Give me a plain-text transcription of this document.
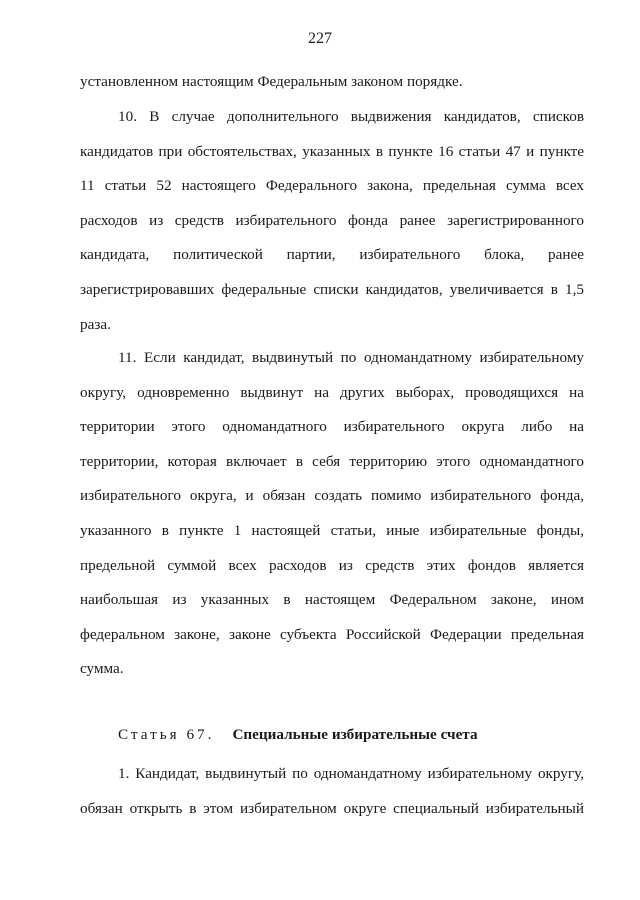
227
установленном настоящим Федеральным законом порядке.
10. В случае дополнительного выдвижения кандидатов, списков
кандидатов при обстоятельствах, указанных в пункте 16 статьи 47 и пункте
11 статьи 52 настоящего Федерального закона, предельная сумма всех
расходов из средств избирательного фонда ранее зарегистрированного
кандидата, политической партии, избирательного блока, ранее
зарегистрировавших федеральные списки кандидатов, увеличивается в 1,5
раза.
11. Если кандидат, выдвинутый по одномандатному избирательному
округу, одновременно выдвинут на других выборах, проводящихся на
территории этого одномандатного избирательного округа либо на
территории, которая включает в себя территорию этого одномандатного
избирательного округа, и обязан создать помимо избирательного фонда,
указанного в пункте 1 настоящей статьи, иные избирательные фонды,
предельной суммой всех расходов из средств этих фондов является
наибольшая из указанных в настоящем Федеральном законе, ином
федеральном законе, законе субъекта Российской Федерации предельная
сумма.
Статья 67. Специальные избирательные счета
1. Кандидат, выдвинутый по одномандатному избирательному округу,
обязан открыть в этом избирательном округе специальный избирательный
